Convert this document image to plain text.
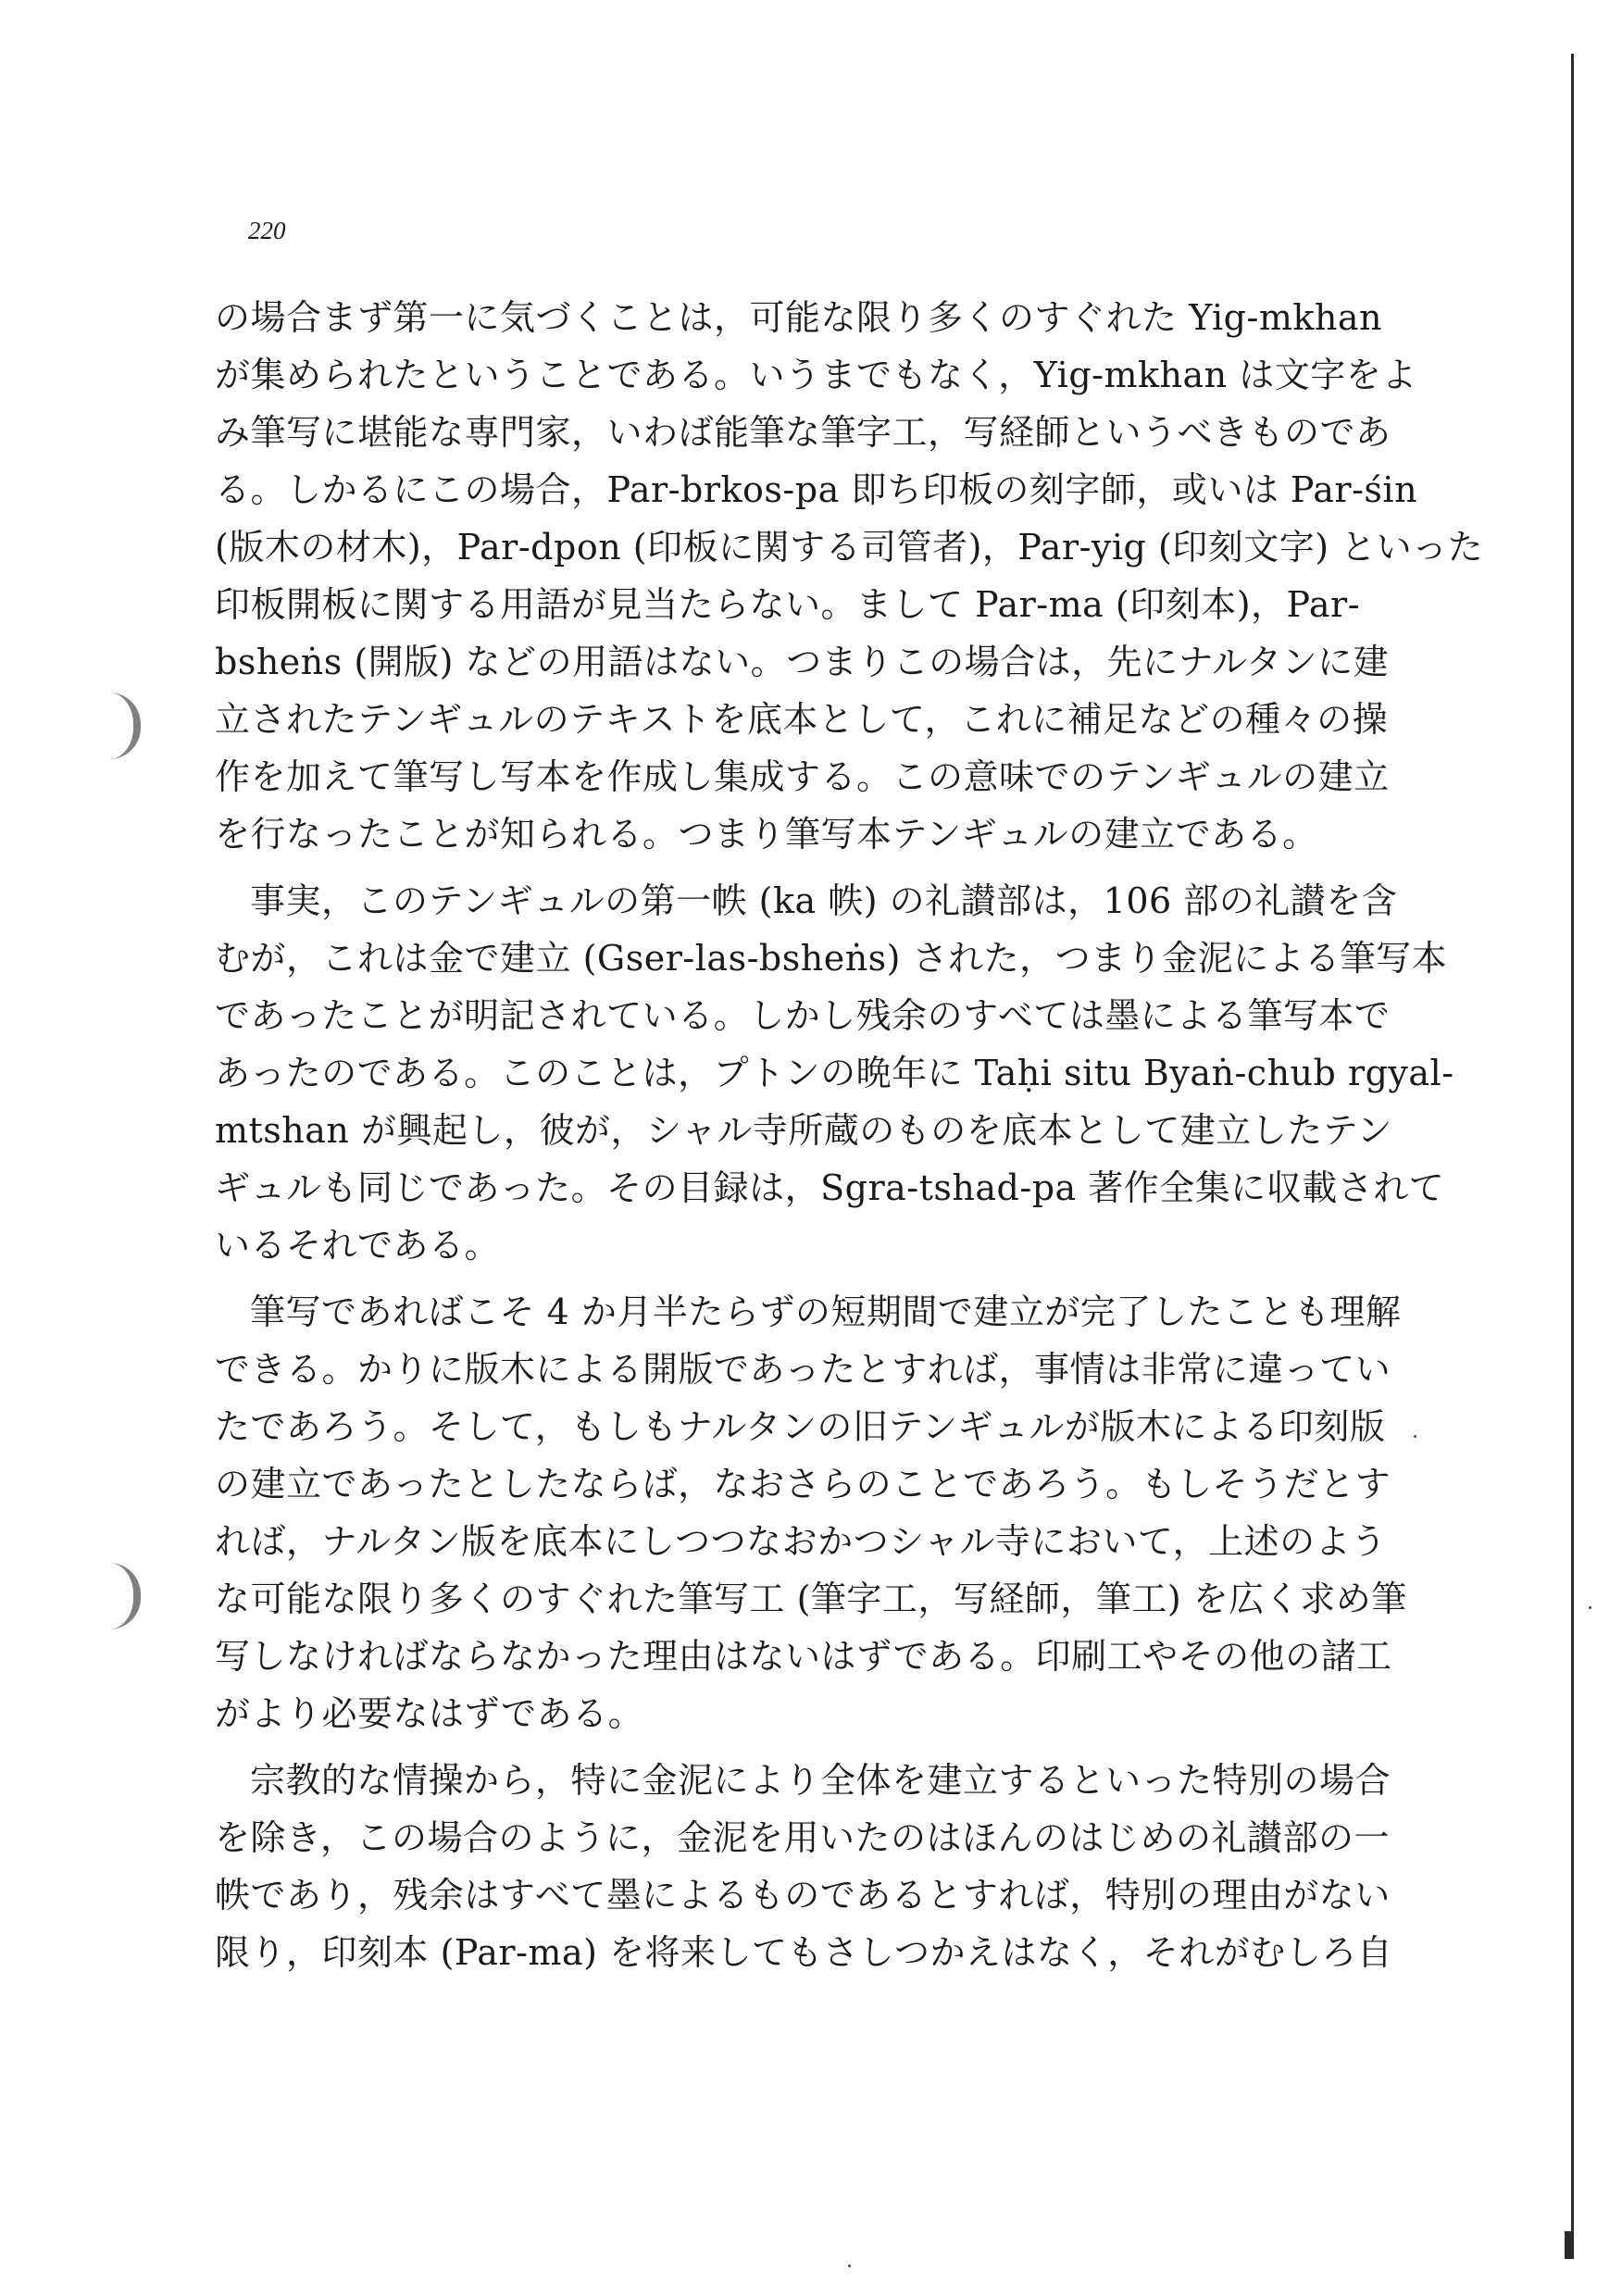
220
の場合まず第一に気づくことは，可能な限り多くのすぐれた Yig-mkhan
が集められたということである。いうまでもなく，Yig-mkhan は文字をよ
み筆写に堪能な専門家，いわば能筆な筆字工，写経師というべきものであ
る。しかるにこの場合，Par-brkos-pa 即ち印板の刻字師，或いは Par-śin
(版木の材木)，Par-dpon (印板に関する司管者)，Par-yig (印刻文字) といった
印板開板に関する用語が見当たらない。まして Par-ma (印刻本)，Par-
bsheṅs (開版) などの用語はない。つまりこの場合は，先にナルタンに建
立されたテンギュルのテキストを底本として，これに補足などの種々の操
作を加えて筆写し写本を作成し集成する。この意味でのテンギュルの建立
を行なったことが知られる。つまり筆写本テンギュルの建立である。
事実，このテンギュルの第一帙 (ka 帙) の礼讃部は，106 部の礼讃を含
むが，これは金で建立 (Gser-las-bsheṅs) された，つまり金泥による筆写本
であったことが明記されている。しかし残余のすべては墨による筆写本で
あったのである。このことは，プトンの晩年に Taḥi situ Byaṅ-chub rgyal-
mtshan が興起し，彼が，シャル寺所蔵のものを底本として建立したテン
ギュルも同じであった。その目録は，Sgra-tshad-pa 著作全集に収載されて
いるそれである。
筆写であればこそ 4 か月半たらずの短期間で建立が完了したことも理解
できる。かりに版木による開版であったとすれば，事情は非常に違ってい
たであろう。そして，もしもナルタンの旧テンギュルが版木による印刻版
の建立であったとしたならば，なおさらのことであろう。もしそうだとす
れば，ナルタン版を底本にしつつなおかつシャル寺において，上述のよう
な可能な限り多くのすぐれた筆写工 (筆字工，写経師，筆工) を広く求め筆
写しなければならなかった理由はないはずである。印刷工やその他の諸工
がより必要なはずである。
宗教的な情操から，特に金泥により全体を建立するといった特別の場合
を除き，この場合のように，金泥を用いたのはほんのはじめの礼讃部の一
帙であり，残余はすべて墨によるものであるとすれば，特別の理由がない
限り，印刻本 (Par-ma) を将来してもさしつかえはなく，それがむしろ自
